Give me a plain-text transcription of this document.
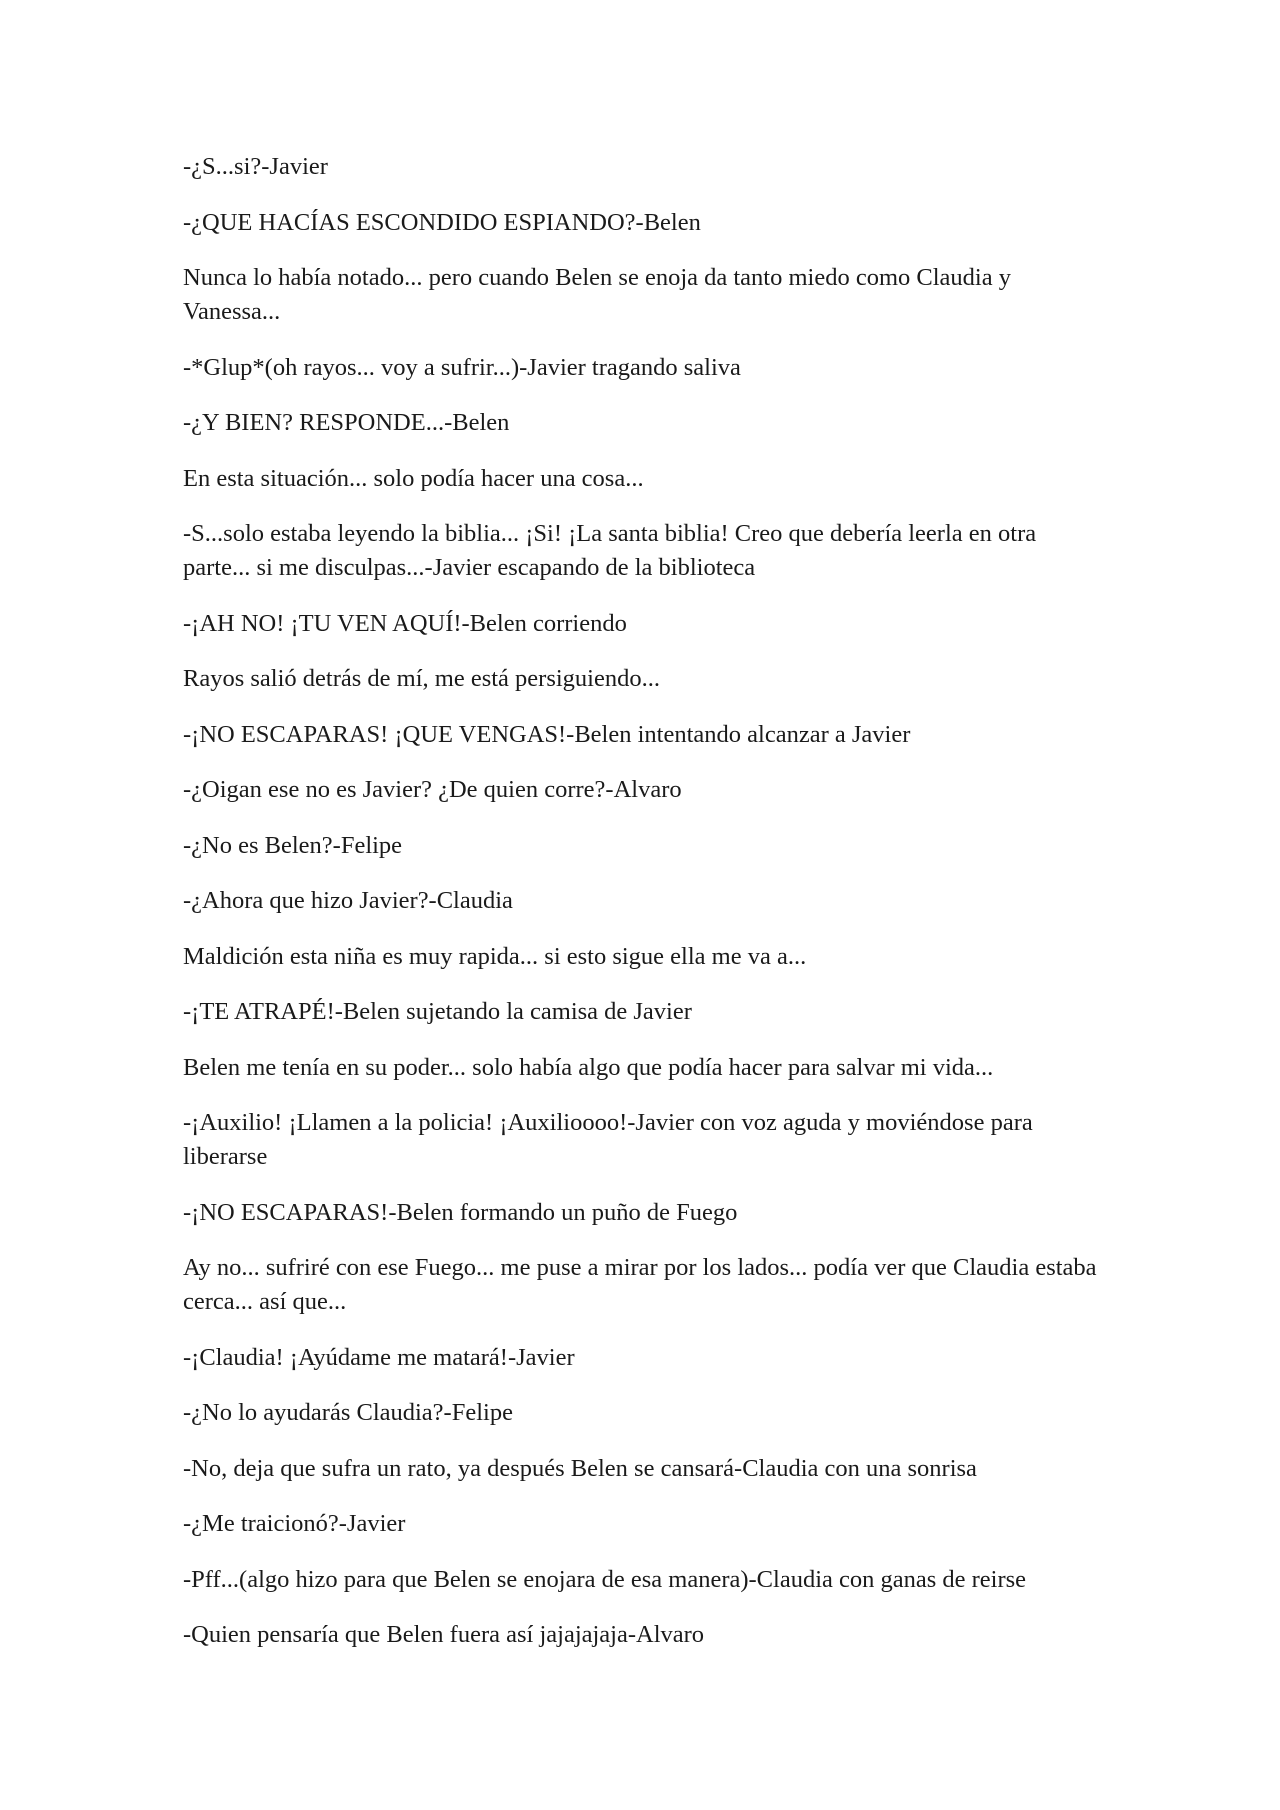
-¿S...si?-Javier

-¿QUE HACÍAS ESCONDIDO ESPIANDO?-Belen

Nunca lo había notado... pero cuando Belen se enoja da tanto miedo como Claudia y Vanessa...

-*Glup*(oh rayos... voy a sufrir...)-Javier tragando saliva

-¿Y BIEN? RESPONDE...-Belen

En esta situación... solo podía hacer una cosa...

-S...solo estaba leyendo la biblia... ¡Si! ¡La santa biblia! Creo que debería leerla en otra parte... si me disculpas...-Javier escapando de la biblioteca

-¡AH NO! ¡TU VEN AQUÍ!-Belen corriendo

Rayos salió detrás de mí, me está persiguiendo...

-¡NO ESCAPARAS! ¡QUE VENGAS!-Belen intentando alcanzar a Javier

-¿Oigan ese no es Javier? ¿De quien corre?-Alvaro

-¿No es Belen?-Felipe

-¿Ahora que hizo Javier?-Claudia

Maldición esta niña es muy rapida... si esto sigue ella me va a...

-¡TE ATRAPÉ!-Belen sujetando la camisa de Javier

Belen me tenía en su poder... solo había algo que podía hacer para salvar mi vida...

-¡Auxilio! ¡Llamen a la policia! ¡Auxilioooo!-Javier con voz aguda y moviéndose para liberarse

-¡NO ESCAPARAS!-Belen formando un puño de Fuego

Ay no... sufriré con ese Fuego... me puse a mirar por los lados... podía ver que Claudia estaba cerca... así que...

-¡Claudia! ¡Ayúdame me matará!-Javier

-¿No lo ayudarás Claudia?-Felipe

-No, deja que sufra un rato, ya después Belen se cansará-Claudia con una sonrisa

-¿Me traicionó?-Javier

-Pff...(algo hizo para que Belen se enojara de esa manera)-Claudia con ganas de reirse

-Quien pensaría que Belen fuera así jajajajaja-Alvaro
